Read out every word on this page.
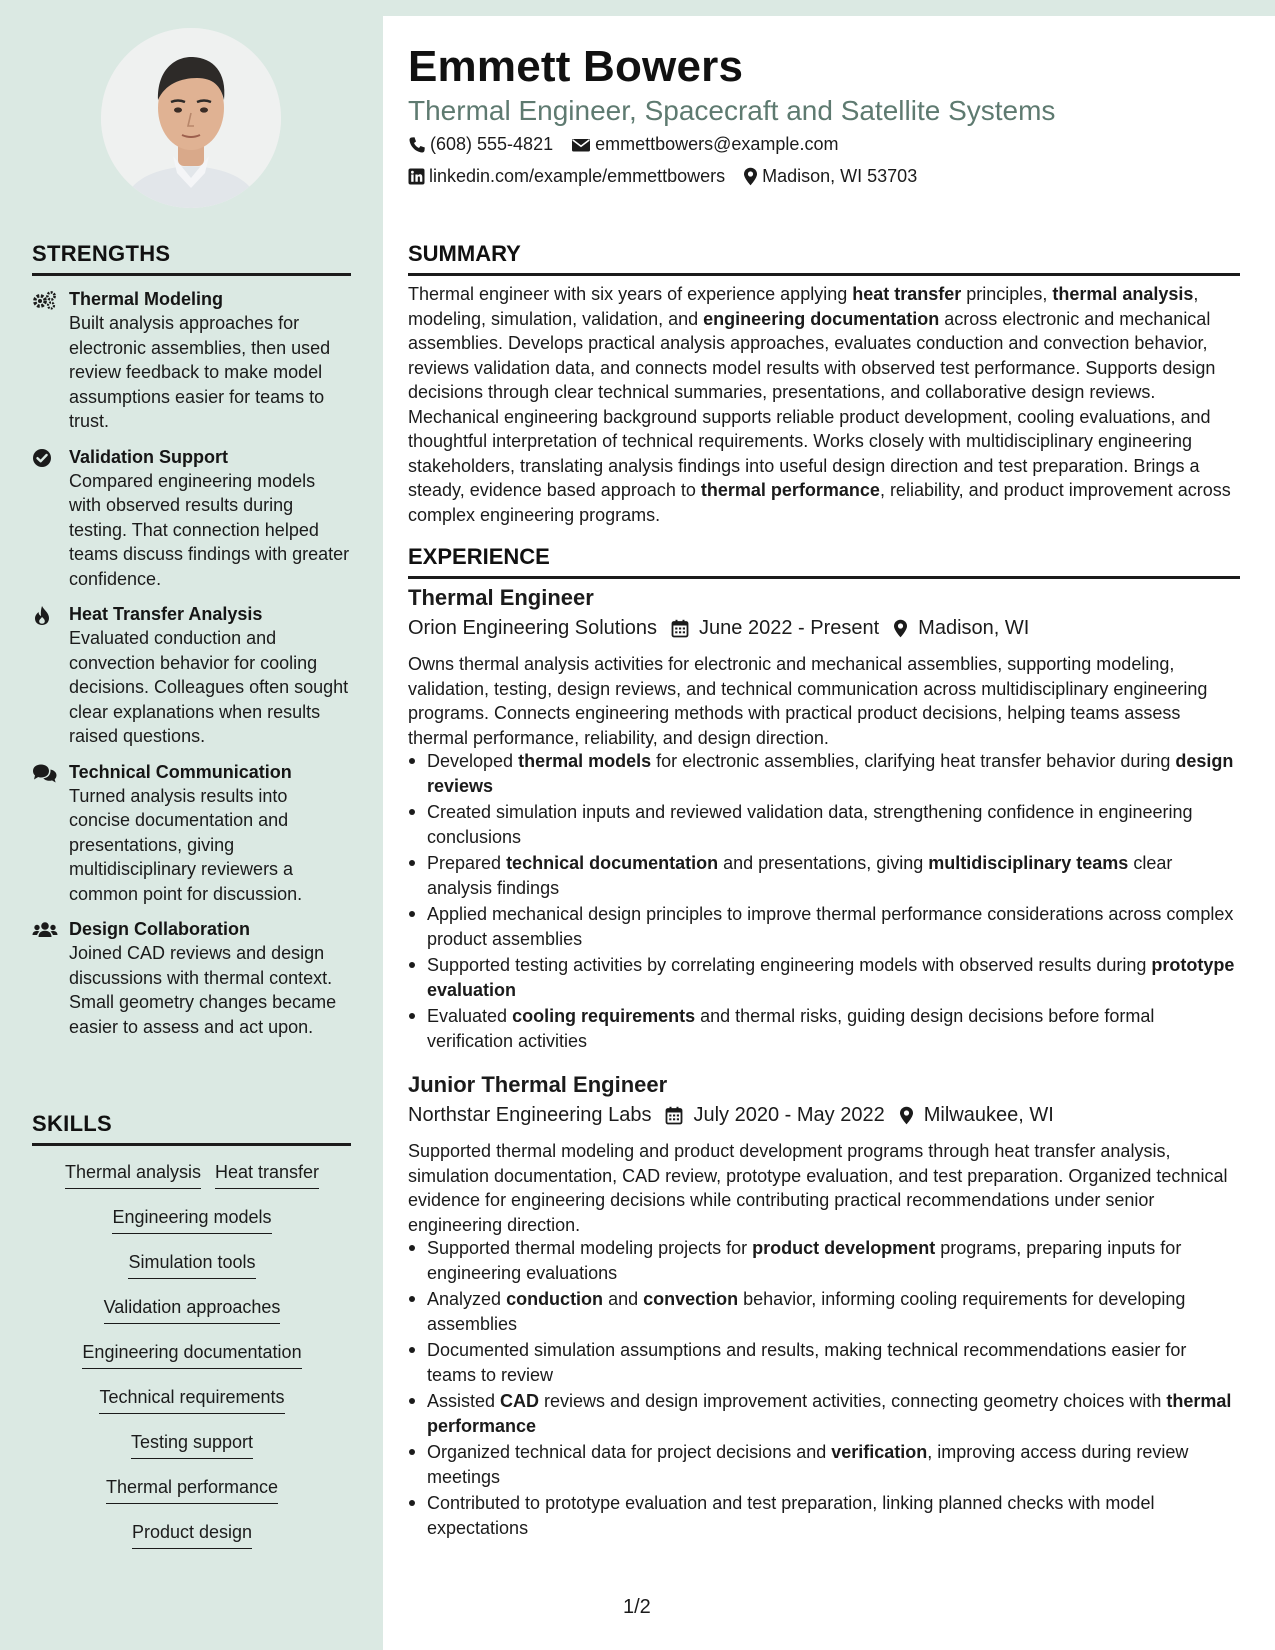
STRENGTHS
Thermal Modeling
Built analysis approaches for electronic assemblies, then used review feedback to make model assumptions easier for teams to trust.
Validation Support
Compared engineering models with observed results during testing. That connection helped teams discuss findings with greater confidence.
Heat Transfer Analysis
Evaluated conduction and convection behavior for cooling decisions. Colleagues often sought clear explanations when results raised questions.
Technical Communication
Turned analysis results into concise documentation and presentations, giving multidisciplinary reviewers a common point for discussion.
Design Collaboration
Joined CAD reviews and design discussions with thermal context. Small geometry changes became easier to assess and act upon.
SKILLS
Thermal analysis Heat transfer
Engineering models
Simulation tools
Validation approaches
Engineering documentation
Technical requirements
Testing support
Thermal performance
Product design
Emmett Bowers
Thermal Engineer, Spacecraft and Satellite Systems
(608) 555-4821 emmettbowers@example.com
linkedin.com/example/emmettbowers Madison, WI 53703
SUMMARY
Thermal engineer with six years of experience applying heat transfer principles, thermal analysis, modeling, simulation, validation, and engineering documentation across electronic and mechanical assemblies. Develops practical analysis approaches, evaluates conduction and convection behavior, reviews validation data, and connects model results with observed test performance. Supports design decisions through clear technical summaries, presentations, and collaborative design reviews. Mechanical engineering background supports reliable product development, cooling evaluations, and thoughtful interpretation of technical requirements. Works closely with multidisciplinary engineering stakeholders, translating analysis findings into useful design direction and test preparation. Brings a steady, evidence based approach to thermal performance, reliability, and product improvement across complex engineering programs.
EXPERIENCE
Thermal Engineer
Orion Engineering Solutions June 2022 - Present Madison, WI
Owns thermal analysis activities for electronic and mechanical assemblies, supporting modeling, validation, testing, design reviews, and technical communication across multidisciplinary engineering programs. Connects engineering methods with practical product decisions, helping teams assess thermal performance, reliability, and design direction.
Developed thermal models for electronic assemblies, clarifying heat transfer behavior during design reviews
Created simulation inputs and reviewed validation data, strengthening confidence in engineering conclusions
Prepared technical documentation and presentations, giving multidisciplinary teams clear analysis findings
Applied mechanical design principles to improve thermal performance considerations across complex product assemblies
Supported testing activities by correlating engineering models with observed results during prototype evaluation
Evaluated cooling requirements and thermal risks, guiding design decisions before formal verification activities
Junior Thermal Engineer
Northstar Engineering Labs July 2020 - May 2022 Milwaukee, WI
Supported thermal modeling and product development programs through heat transfer analysis, simulation documentation, CAD review, prototype evaluation, and test preparation. Organized technical evidence for engineering decisions while contributing practical recommendations under senior engineering direction.
Supported thermal modeling projects for product development programs, preparing inputs for engineering evaluations
Analyzed conduction and convection behavior, informing cooling requirements for developing assemblies
Documented simulation assumptions and results, making technical recommendations easier for teams to review
Assisted CAD reviews and design improvement activities, connecting geometry choices with thermal performance
Organized technical data for project decisions and verification, improving access during review meetings
Contributed to prototype evaluation and test preparation, linking planned checks with model expectations
1/2
